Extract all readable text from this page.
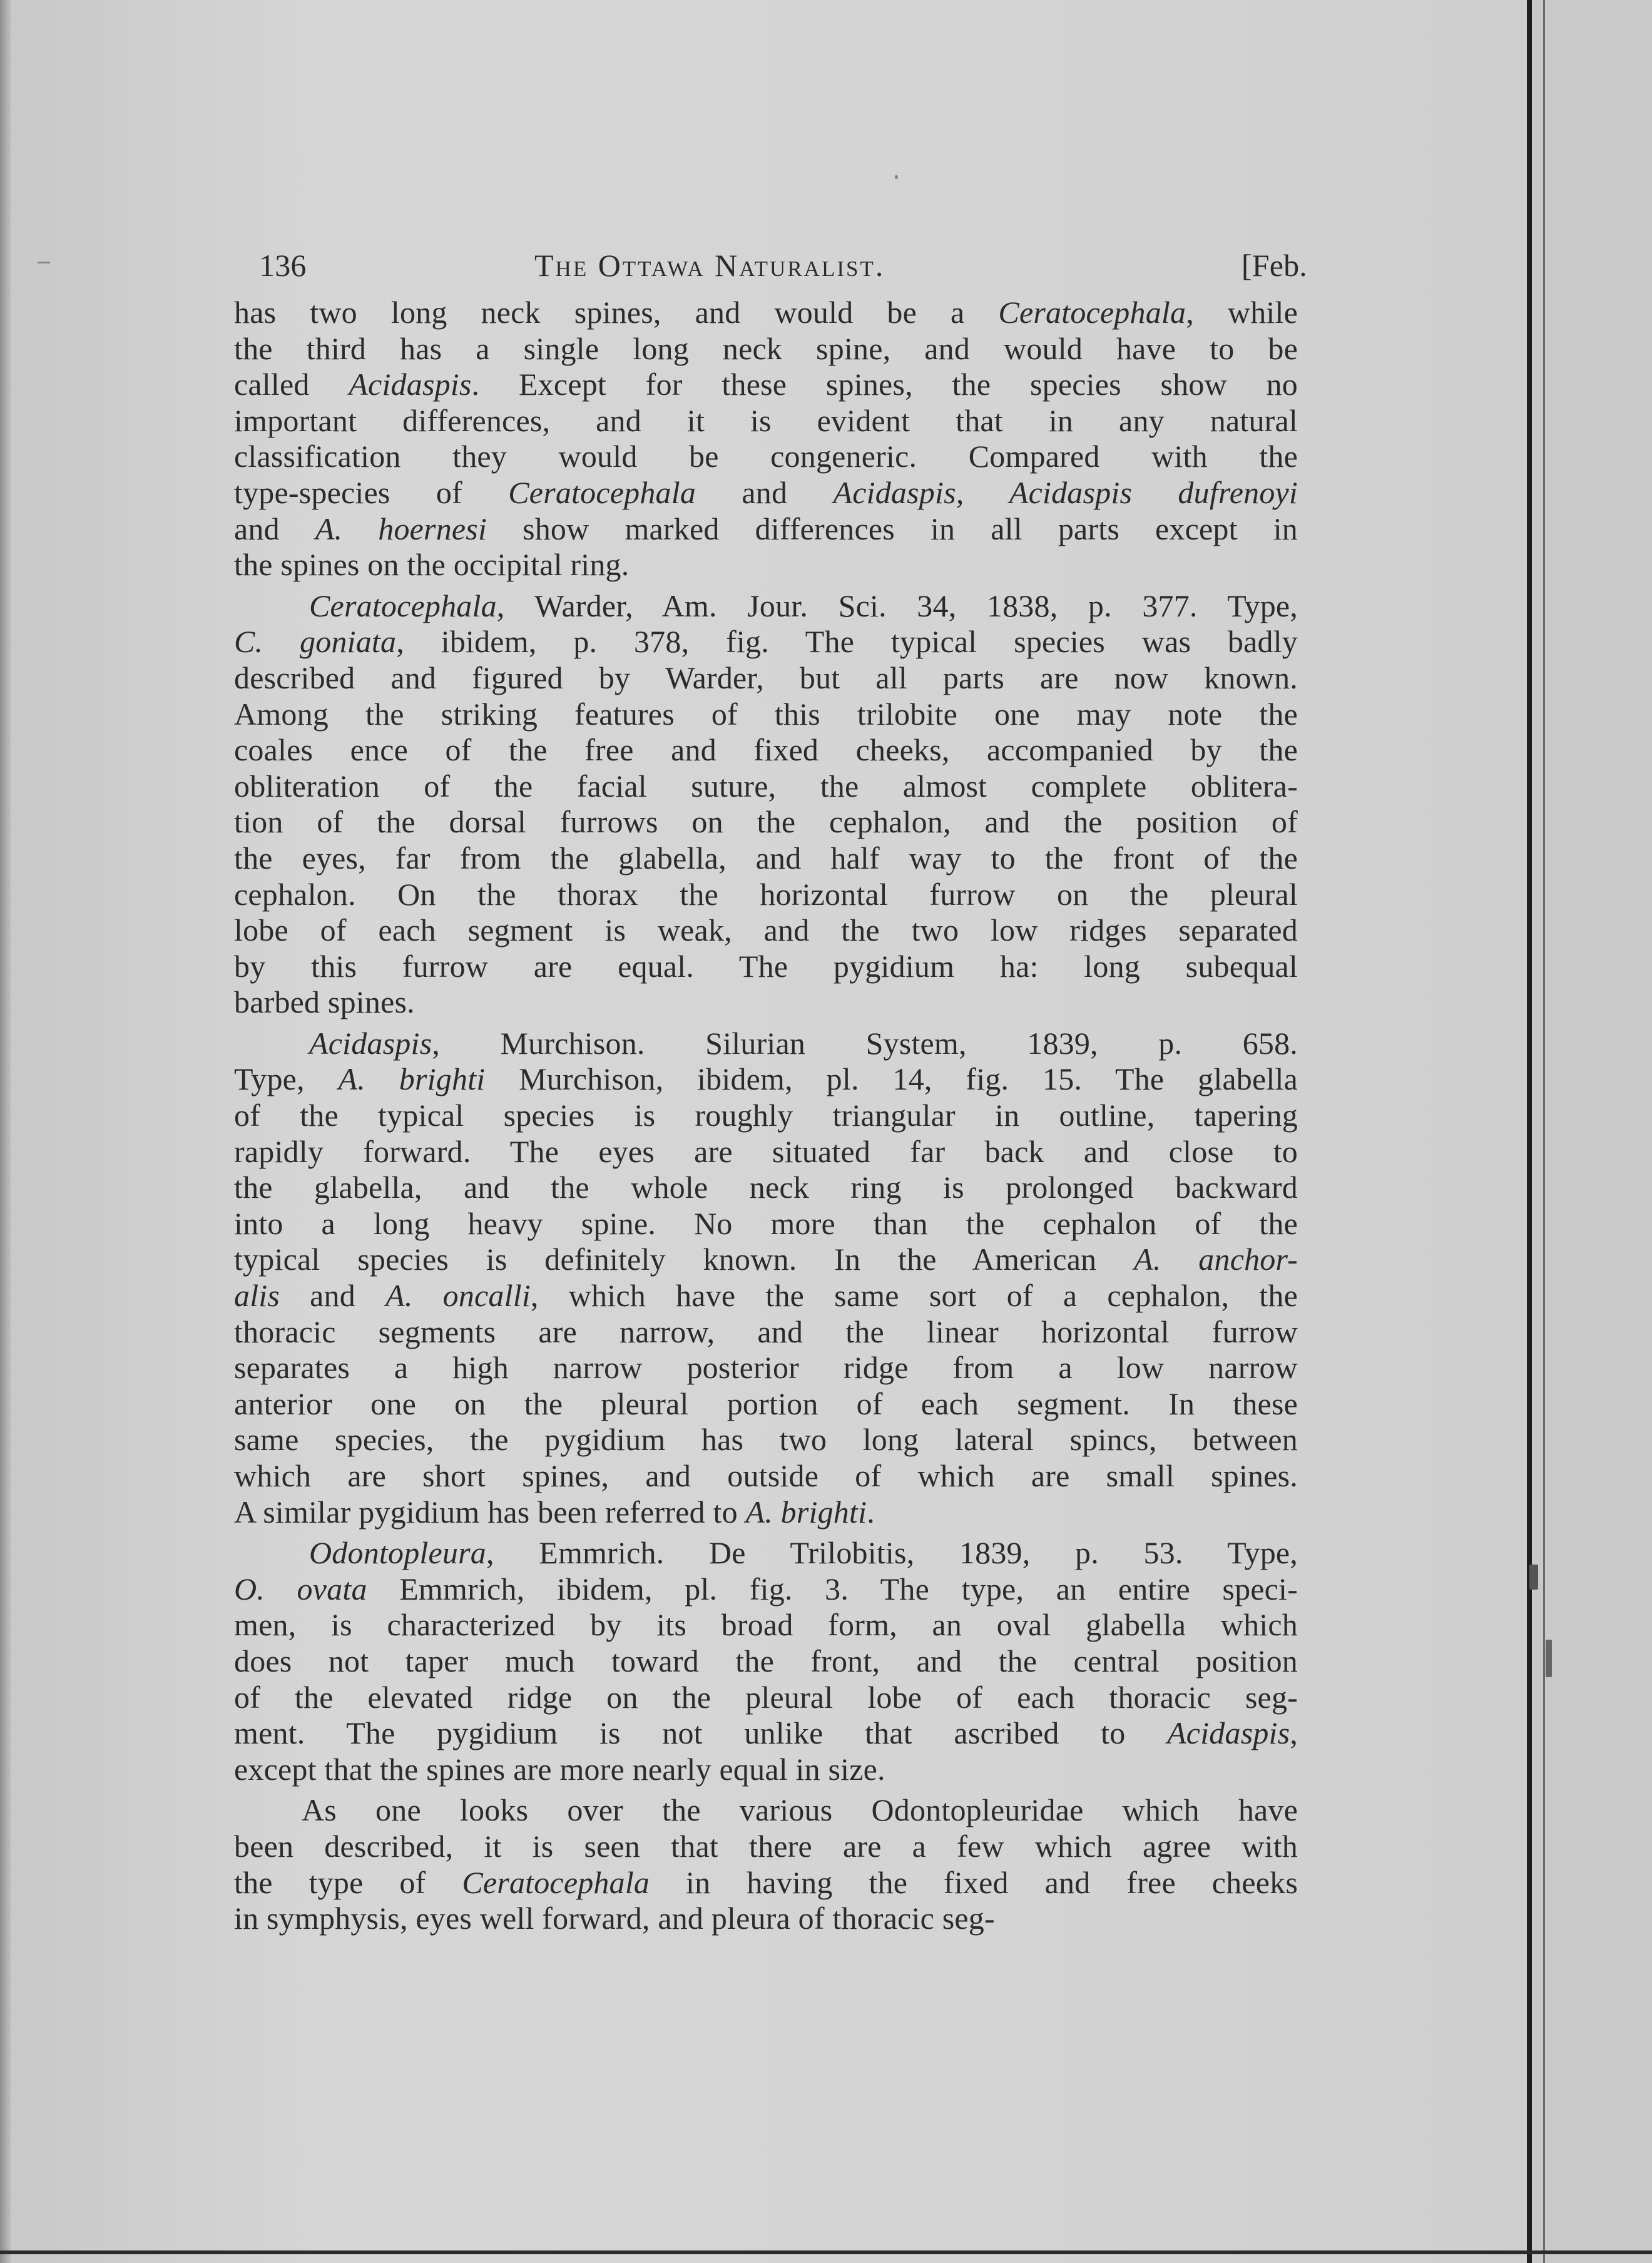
136	The Ottawa Naturalist.	[Feb.
has two long neck spines, and would be a Ceratocephala, while
the third has a single long neck spine, and would have to be
called Acidaspis. Except for these spines, the species show no
important differences, and it is evident that in any natural
classification they would be congeneric. Compared with the
type-species of Ceratocephala and Acidaspis, Acidaspis dufrenoyi
and A. hoernesi show marked differences in all parts except in
the spines on the occipital ring.
Ceratocephala, Warder, Am. Jour. Sci. 34, 1838, p. 377. Type,
C. goniata, ibidem, p. 378, fig. The typical species was badly
described and figured by Warder, but all parts are now known.
Among the striking features of this trilobite one may note the
coales ence of the free and fixed cheeks, accompanied by the
obliteration of the facial suture, the almost complete oblitera-
tion of the dorsal furrows on the cephalon, and the position of
the eyes, far from the glabella, and half way to the front of the
cephalon. On the thorax the horizontal furrow on the pleural
lobe of each segment is weak, and the two low ridges separated
by this furrow are equal. The pygidium ha: long subequal
barbed spines.
Acidaspis, Murchison. Silurian System, 1839, p. 658.
Type, A. brighti Murchison, ibidem, pl. 14, fig. 15. The glabella
of the typical species is roughly triangular in outline, tapering
rapidly forward. The eyes are situated far back and close to
the glabella, and the whole neck ring is prolonged backward
into a long heavy spine. No more than the cephalon of the
typical species is definitely known. In the American A. anchor-
alis and A. oncalli, which have the same sort of a cephalon, the
thoracic segments are narrow, and the linear horizontal furrow
separates a high narrow posterior ridge from a low narrow
anterior one on the pleural portion of each segment. In these
same species, the pygidium has two long lateral spincs, between
which are short spines, and outside of which are small spines.
A similar pygidium has been referred to A. brighti.
Odontopleura, Emmrich. De Trilobitis, 1839, p. 53. Type,
O. ovata Emmrich, ibidem, pl. fig. 3. The type, an entire speci-
men, is characterized by its broad form, an oval glabella which
does not taper much toward the front, and the central position
of the elevated ridge on the pleural lobe of each thoracic seg-
ment. The pygidium is not unlike that ascribed to Acidaspis,
except that the spines are more nearly equal in size.
As one looks over the various Odontopleuridae which have
been described, it is seen that there are a few which agree with
the type of Ceratocephala in having the fixed and free cheeks
in symphysis, eyes well forward, and pleura of thoracic seg-
